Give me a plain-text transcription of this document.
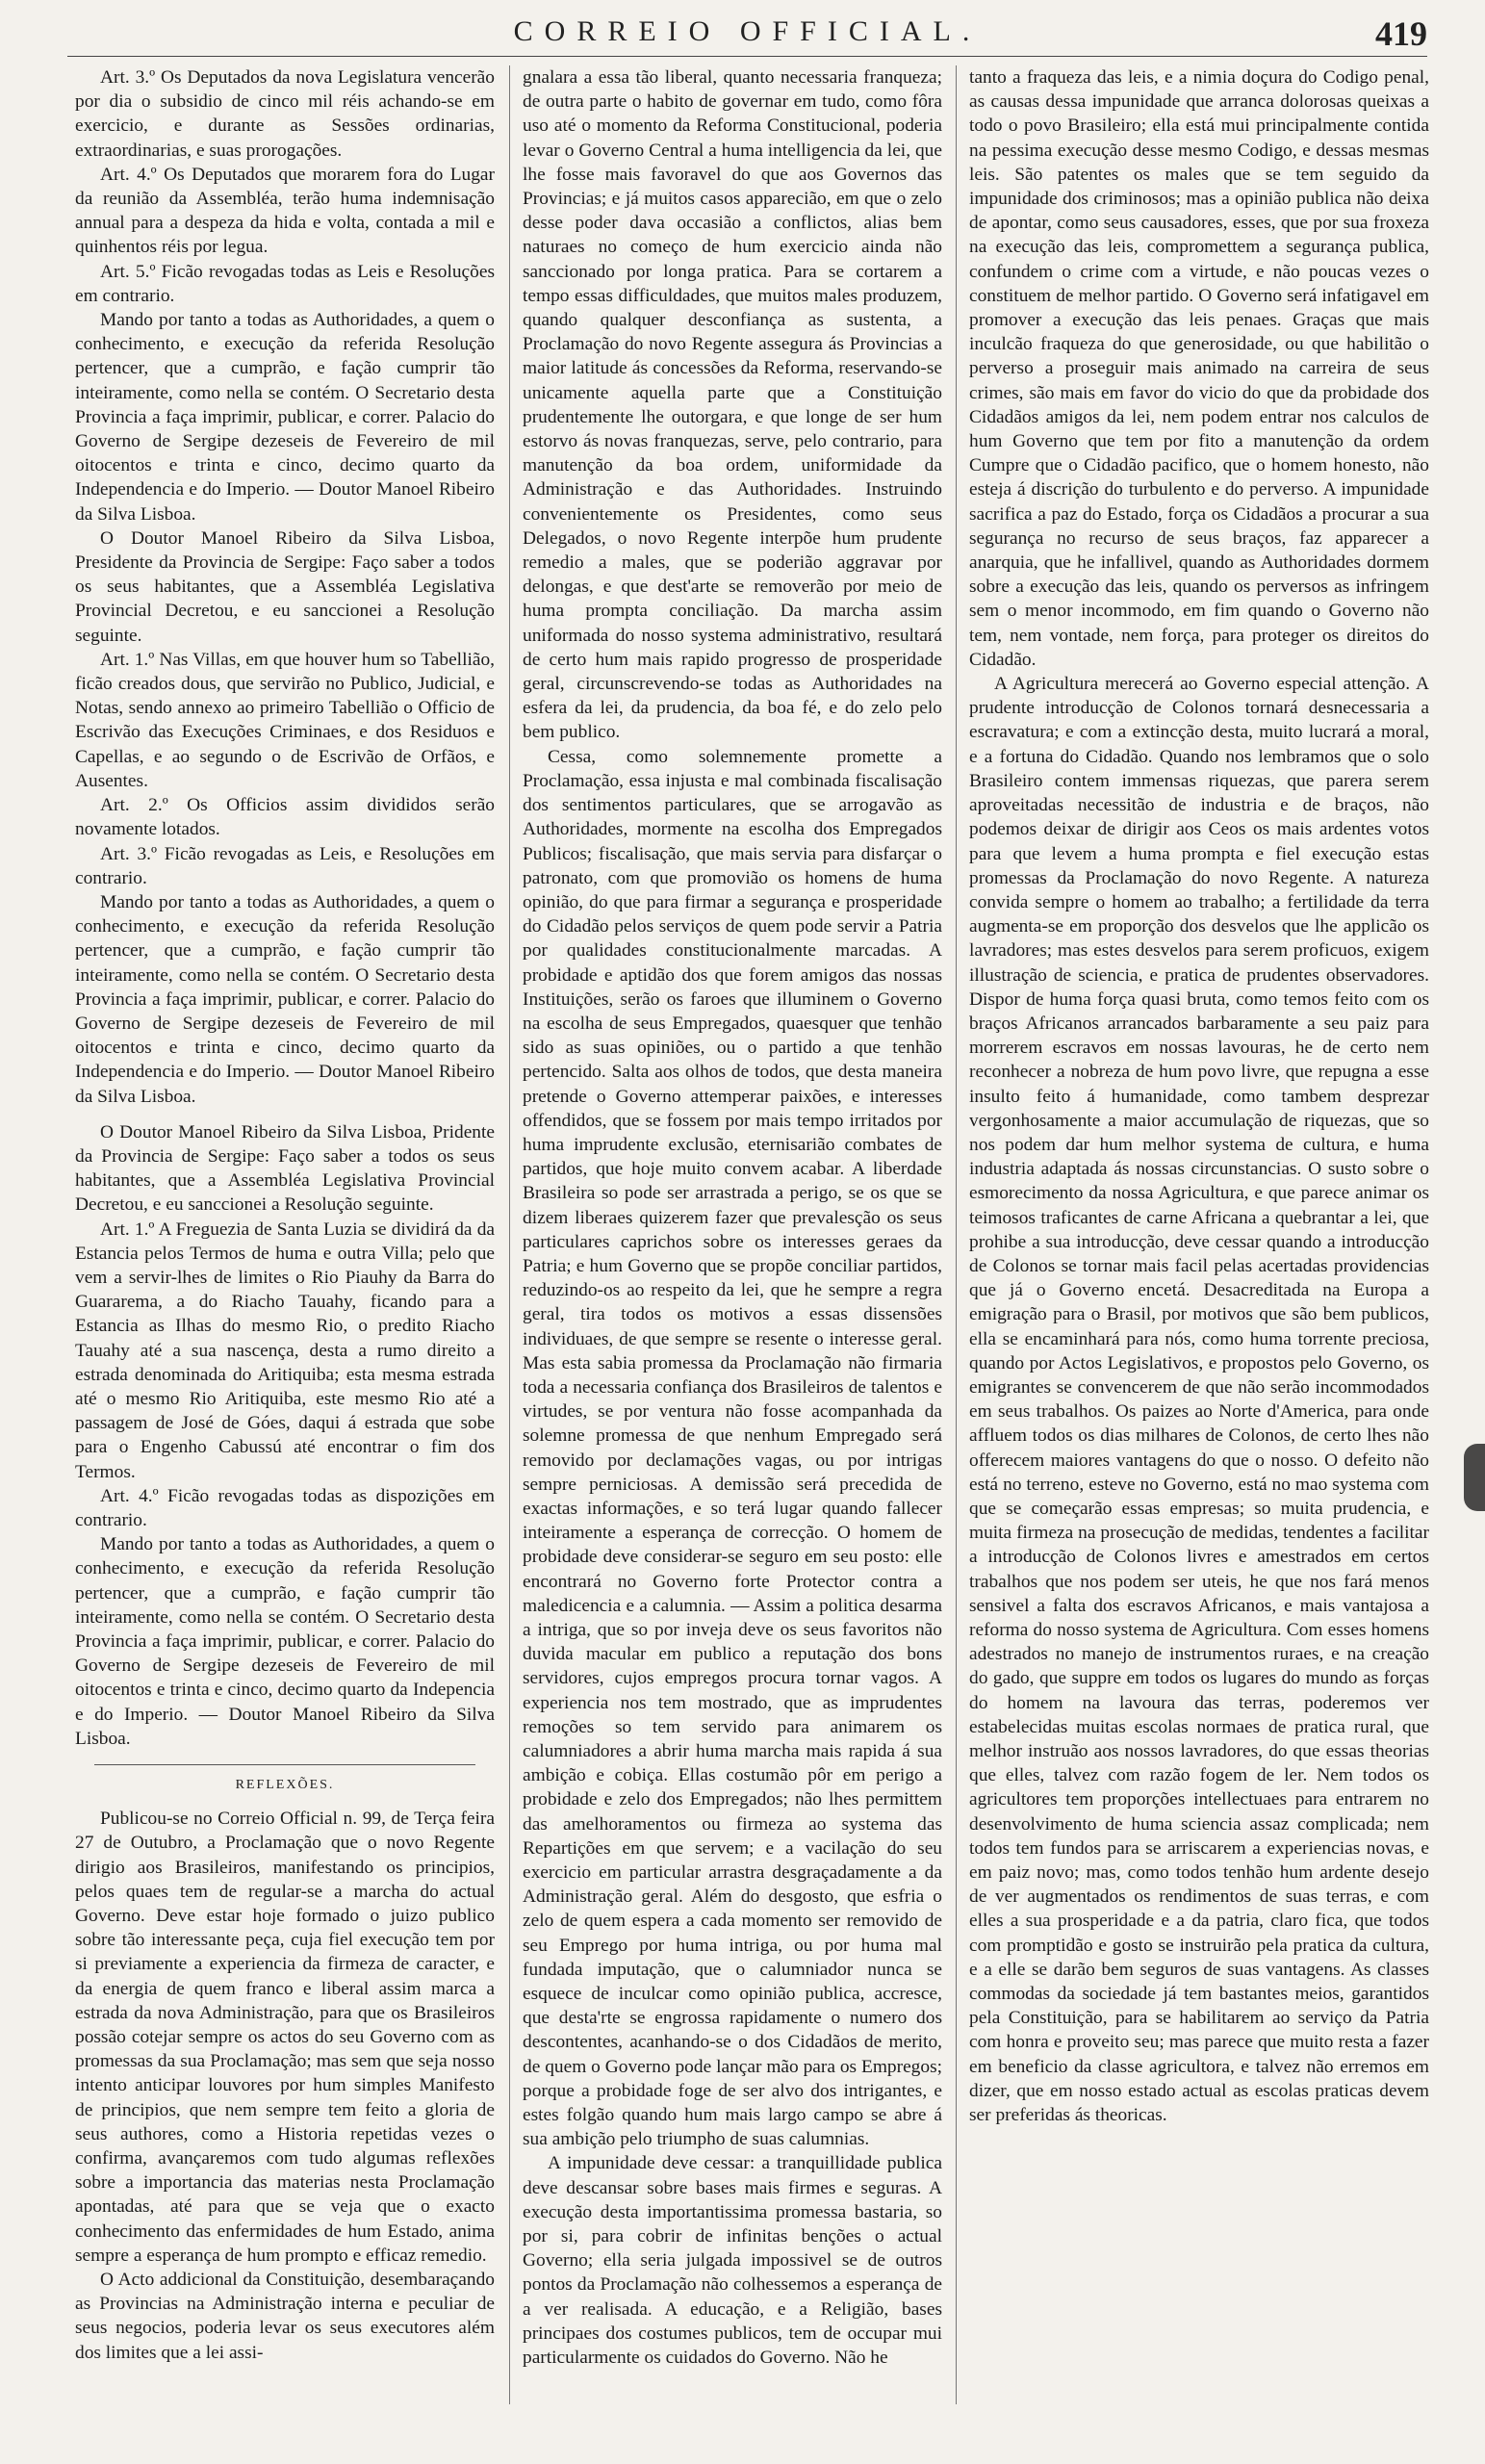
CORREIO OFFICIAL.	419

Art. 3.º Os Deputados da nova Legislatura vencerão por dia o subsidio de cinco mil réis achando-se em exercicio, e durante as Sessões ordinarias, extraordinarias, e suas prorogações.

Art. 4.º Os Deputados que morarem fora do Lugar da reunião da Assembléa, terão huma indemnisação annual para a despeza da hida e volta, contada a mil e quinhentos réis por legua.

Art. 5.º Ficão revogadas todas as Leis e Resoluções em contrario.

Mando por tanto a todas as Authoridades, a quem o conhecimento, e execução da referida Resolução pertencer, que a cumprão, e fação cumprir tão inteiramente, como nella se contém. O Secretario desta Provincia a faça imprimir, publicar, e correr. Palacio do Governo de Sergipe dezeseis de Fevereiro de mil oitocentos e trinta e cinco, decimo quarto da Independencia e do Imperio. — Doutor Manoel Ribeiro da Silva Lisboa.

O Doutor Manoel Ribeiro da Silva Lisboa, Presidente da Provincia de Sergipe: Faço saber a todos os seus habitantes, que a Assembléa Legislativa Provincial Decretou, e eu sanccionei a Resolução seguinte.

Art. 1.º Nas Villas, em que houver hum so Tabellião, ficão creados dous, que servirão no Publico, Judicial, e Notas, sendo annexo ao primeiro Tabellião o Officio de Escrivão das Execuções Criminaes, e dos Residuos e Capellas, e ao segundo o de Escrivão de Orfãos, e Ausentes.

Art. 2.º Os Officios assim divididos serão novamente lotados.

Art. 3.º Ficão revogadas as Leis, e Resoluções em contrario.

Mando por tanto a todas as Authoridades, a quem o conhecimento, e execução da referida Resolução pertencer, que a cumprão, e fação cumprir tão inteiramente, como nella se contém. O Secretario desta Provincia a faça imprimir, publicar, e correr. Palacio do Governo de Sergipe dezeseis de Fevereiro de mil oitocentos e trinta e cinco, decimo quarto da Independencia e do Imperio. — Doutor Manoel Ribeiro da Silva Lisboa.

O Doutor Manoel Ribeiro da Silva Lisboa, Pridente da Provincia de Sergipe: Faço saber a todos os seus habitantes, que a Assembléa Legislativa Provincial Decretou, e eu sanccionei a Resolução seguinte.

Art. 1.º A Freguezia de Santa Luzia se dividirá da da Estancia pelos Termos de huma e outra Villa; pelo que vem a servir-lhes de limites o Rio Piauhy da Barra do Guararema, a do Riacho Tauahy, ficando para a Estancia as Ilhas do mesmo Rio, o predito Riacho Tauahy até a sua nascença, desta a rumo direito a estrada denominada do Aritiquiba; esta mesma estrada até o mesmo Rio Aritiquiba, este mesmo Rio até a passagem de José de Góes, daqui á estrada que sobe para o Engenho Cabussú até encontrar o fim dos Termos.

Art. 4.º Ficão revogadas todas as dispozições em contrario.

Mando por tanto a todas as Authoridades, a quem o conhecimento, e execução da referida Resolução pertencer, que a cumprão, e fação cumprir tão inteiramente, como nella se contém. O Secretario desta Provincia a faça imprimir, publicar, e correr. Palacio do Governo de Sergipe dezeseis de Fevereiro de mil oitocentos e trinta e cinco, decimo quarto da Indepencia e do Imperio. — Doutor Manoel Ribeiro da Silva Lisboa.

REFLEXÕES.

Publicou-se no Correio Official n. 99, de Terça feira 27 de Outubro, a Proclamação que o novo Regente dirigio aos Brasileiros, manifestando os principios, pelos quaes tem de regular-se a marcha do actual Governo. Deve estar hoje formado o juizo publico sobre tão interessante peça, cuja fiel execução tem por si previamente a experiencia da firmeza de caracter, e da energia de quem franco e liberal assim marca a estrada da nova Administração, para que os Brasileiros possão cotejar sempre os actos do seu Governo com as promessas da sua Proclamação; mas sem que seja nosso intento anticipar louvores por hum simples Manifesto de principios, que nem sempre tem feito a gloria de seus authores, como a Historia repetidas vezes o confirma, avançaremos com tudo algumas reflexões sobre a importancia das materias nesta Proclamação apontadas, até para que se veja que o exacto conhecimento das enfermidades de hum Estado, anima sempre a esperança de hum prompto e efficaz remedio.

O Acto addicional da Constituição, desembaraçando as Provincias na Administração interna e peculiar de seus negocios, poderia levar os seus executores além dos limites que a lei assi-

gnalara a essa tão liberal, quanto necessaria franqueza; de outra parte o habito de governar em tudo, como fôra uso até o momento da Reforma Constitucional, poderia levar o Governo Central a huma intelligencia da lei, que lhe fosse mais favoravel do que aos Governos das Provincias; e já muitos casos apparecião, em que o zelo desse poder dava occasião a conflictos, alias bem naturaes no começo de hum exercicio ainda não sanccionado por longa pratica. Para se cortarem a tempo essas difficuldades, que muitos males produzem, quando qualquer desconfiança as sustenta, a Proclamação do novo Regente assegura ás Provincias a maior latitude ás concessões da Reforma, reservando-se unicamente aquella parte que a Constituição prudentemente lhe outorgara, e que longe de ser hum estorvo ás novas franquezas, serve, pelo contrario, para manutenção da boa ordem, uniformidade da Administração e das Authoridades. Instruindo convenientemente os Presidentes, como seus Delegados, o novo Regente interpõe hum prudente remedio a males, que se poderião aggravar por delongas, e que dest'arte se removerão por meio de huma prompta conciliação. Da marcha assim uniformada do nosso systema administrativo, resultará de certo hum mais rapido progresso de prosperidade geral, circunscrevendo-se todas as Authoridades na esfera da lei, da prudencia, da boa fé, e do zelo pelo bem publico.

Cessa, como solemnemente promette a Proclamação, essa injusta e mal combinada fiscalisação dos sentimentos particulares, que se arrogavão as Authoridades, mormente na escolha dos Empregados Publicos; fiscalisação, que mais servia para disfarçar o patronato, com que promovião os homens de huma opinião, do que para firmar a segurança e prosperidade do Cidadão pelos serviços de quem pode servir a Patria por qualidades constitucionalmente marcadas. A probidade e aptidão dos que forem amigos das nossas Instituições, serão os faroes que illuminem o Governo na escolha de seus Empregados, quaesquer que tenhão sido as suas opiniões, ou o partido a que tenhão pertencido. Salta aos olhos de todos, que desta maneira pretende o Governo attemperar paixões, e interesses offendidos, que se fossem por mais tempo irritados por huma imprudente exclusão, eternisarião combates de partidos, que hoje muito convem acabar. A liberdade Brasileira so pode ser arrastrada a perigo, se os que se dizem liberaes quizerem fazer que prevalesção os seus particulares caprichos sobre os interesses geraes da Patria; e hum Governo que se propõe conciliar partidos, reduzindo-os ao respeito da lei, que he sempre a regra geral, tira todos os motivos a essas dissensões individuaes, de que sempre se resente o interesse geral. Mas esta sabia promessa da Proclamação não firmaria toda a necessaria confiança dos Brasileiros de talentos e virtudes, se por ventura não fosse acompanhada da solemne promessa de que nenhum Empregado será removido por declamações vagas, ou por intrigas sempre perniciosas. A demissão será precedida de exactas informações, e so terá lugar quando fallecer inteiramente a esperança de correcção. O homem de probidade deve considerar-se seguro em seu posto: elle encontrará no Governo forte Protector contra a maledicencia e a calumnia. — Assim a politica desarma a intriga, que so por inveja deve os seus favoritos não duvida macular em publico a reputação dos bons servidores, cujos empregos procura tornar vagos. A experiencia nos tem mostrado, que as imprudentes remoções so tem servido para animarem os calumniadores a abrir huma marcha mais rapida á sua ambição e cobiça. Ellas costumão pôr em perigo a probidade e zelo dos Empregados; não lhes permittem das amelhoramentos ou firmeza ao systema das Repartições em que servem; e a vacilação do seu exercicio em particular arrastra desgraçadamente a da Administração geral. Além do desgosto, que esfria o zelo de quem espera a cada momento ser removido de seu Emprego por huma intriga, ou por huma mal fundada imputação, que o calumniador nunca se esquece de inculcar como opinião publica, accresce, que desta'rte se engrossa rapidamente o numero dos descontentes, acanhando-se o dos Cidadãos de merito, de quem o Governo pode lançar mão para os Empregos; porque a probidade foge de ser alvo dos intrigantes, e estes folgão quando hum mais largo campo se abre á sua ambição pelo triumpho de suas calumnias.

A impunidade deve cessar: a tranquillidade publica deve descansar sobre bases mais firmes e seguras. A execução desta importantissima promessa bastaria, so por si, para cobrir de infinitas benções o actual Governo; ella seria julgada impossivel se de outros pontos da Proclamação não colhessemos a esperança de a ver realisada. A educação, e a Religião, bases principaes dos costumes publicos, tem de occupar mui particularmente os cuidados do Governo. Não he

tanto a fraqueza das leis, e a nimia doçura do Codigo penal, as causas dessa impunidade que arranca dolorosas queixas a todo o povo Brasileiro; ella está mui principalmente contida na pessima execução desse mesmo Codigo, e dessas mesmas leis. São patentes os males que se tem seguido da impunidade dos criminosos; mas a opinião publica não deixa de apontar, como seus causadores, esses, que por sua froxeza na execução das leis, compromettem a segurança publica, confundem o crime com a virtude, e não poucas vezes o constituem de melhor partido. O Governo será infatigavel em promover a execução das leis penaes. Graças que mais inculcão fraqueza do que generosidade, ou que habilitão o perverso a proseguir mais animado na carreira de seus crimes, são mais em favor do vicio do que da probidade dos Cidadãos amigos da lei, nem podem entrar nos calculos de hum Governo que tem por fito a manutenção da ordem Cumpre que o Cidadão pacifico, que o homem honesto, não esteja á discrição do turbulento e do perverso. A impunidade sacrifica a paz do Estado, força os Cidadãos a procurar a sua segurança no recurso de seus braços, faz apparecer a anarquia, que he infallivel, quando as Authoridades dormem sobre a execução das leis, quando os perversos as infringem sem o menor incommodo, em fim quando o Governo não tem, nem vontade, nem força, para proteger os direitos do Cidadão.

A Agricultura merecerá ao Governo especial attenção. A prudente introducção de Colonos tornará desnecessaria a escravatura; e com a extincção desta, muito lucrará a moral, e a fortuna do Cidadão. Quando nos lembramos que o solo Brasileiro contem immensas riquezas, que parera serem aproveitadas necessitão de industria e de braços, não podemos deixar de dirigir aos Ceos os mais ardentes votos para que levem a huma prompta e fiel execução estas promessas da Proclamação do novo Regente. A natureza convida sempre o homem ao trabalho; a fertilidade da terra augmenta-se em proporção dos desvelos que lhe applicão os lavradores; mas estes desvelos para serem proficuos, exigem illustração de sciencia, e pratica de prudentes observadores. Dispor de huma força quasi bruta, como temos feito com os braços Africanos arrancados barbaramente a seu paiz para morrerem escravos em nossas lavouras, he de certo nem reconhecer a nobreza de hum povo livre, que repugna a esse insulto feito á humanidade, como tambem desprezar vergonhosamente a maior accumulação de riquezas, que so nos podem dar hum melhor systema de cultura, e huma industria adaptada ás nossas circunstancias. O susto sobre o esmorecimento da nossa Agricultura, e que parece animar os teimosos traficantes de carne Africana a quebrantar a lei, que prohibe a sua introducção, deve cessar quando a introducção de Colonos se tornar mais facil pelas acertadas providencias que já o Governo encetá. Desacreditada na Europa a emigração para o Brasil, por motivos que são bem publicos, ella se encaminhará para nós, como huma torrente preciosa, quando por Actos Legislativos, e propostos pelo Governo, os emigrantes se convencerem de que não serão incommodados em seus trabalhos. Os paizes ao Norte d'America, para onde affluem todos os dias milhares de Colonos, de certo lhes não offerecem maiores vantagens do que o nosso. O defeito não está no terreno, esteve no Governo, está no mao systema com que se começarão essas empresas; so muita prudencia, e muita firmeza na prosecução de medidas, tendentes a facilitar a introducção de Colonos livres e amestrados em certos trabalhos que nos podem ser uteis, he que nos fará menos sensivel a falta dos escravos Africanos, e mais vantajosa a reforma do nosso systema de Agricultura. Com esses homens adestrados no manejo de instrumentos ruraes, e na creação do gado, que suppre em todos os lugares do mundo as forças do homem na lavoura das terras, poderemos ver estabelecidas muitas escolas normaes de pratica rural, que melhor instruão aos nossos lavradores, do que essas theorias que elles, talvez com razão fogem de ler. Nem todos os agricultores tem proporções intellectuaes para entrarem no desenvolvimento de huma sciencia assaz complicada; nem todos tem fundos para se arriscarem a experiencias novas, e em paiz novo; mas, como todos tenhão hum ardente desejo de ver augmentados os rendimentos de suas terras, e com elles a sua prosperidade e a da patria, claro fica, que todos com promptidão e gosto se instruirão pela pratica da cultura, e a elle se darão bem seguros de suas vantagens. As classes commodas da sociedade já tem bastantes meios, garantidos pela Constituição, para se habilitarem ao serviço da Patria com honra e proveito seu; mas parece que muito resta a fazer em beneficio da classe agricultora, e talvez não erremos em dizer, que em nosso estado actual as escolas praticas devem ser preferidas ás theoricas.
